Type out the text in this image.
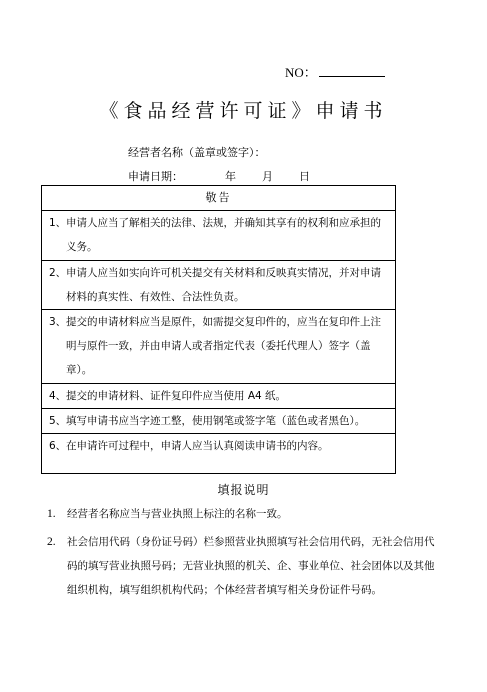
NO：
《食品经营许可证》申请书
经营者名称（盖章或签字）：
申请日期：	年 月 日
敬告
1、 申请人应当了解相关的法律、法规，并确知其享有的权利和应承担的义务。
2、 申请人应当如实向许可机关提交有关材料和反映真实情况，并对申请材料的真实性、有效性、合法性负责。
3、 提交的申请材料应当是原件，如需提交复印件的，应当在复印件上注明与原件一致，并由申请人或者指定代表（委托代理人）签字（盖章）。
4、 提交的申请材料、证件复印件应当使用 A4 纸。
5、 填写申请书应当字迹工整，使用钢笔或签字笔（蓝色或者黑色）。
6、 在申请许可过程中，申请人应当认真阅读申请书的内容。
填报说明
1. 经营者名称应当与营业执照上标注的名称一致。
2. 社会信用代码（身份证号码）栏参照营业执照填写社会信用代码，无社会信用代码的填写营业执照号码；无营业执照的机关、企、事业单位、社会团体以及其他组织机构，填写组织机构代码；个体经营者填写相关身份证件号码。
